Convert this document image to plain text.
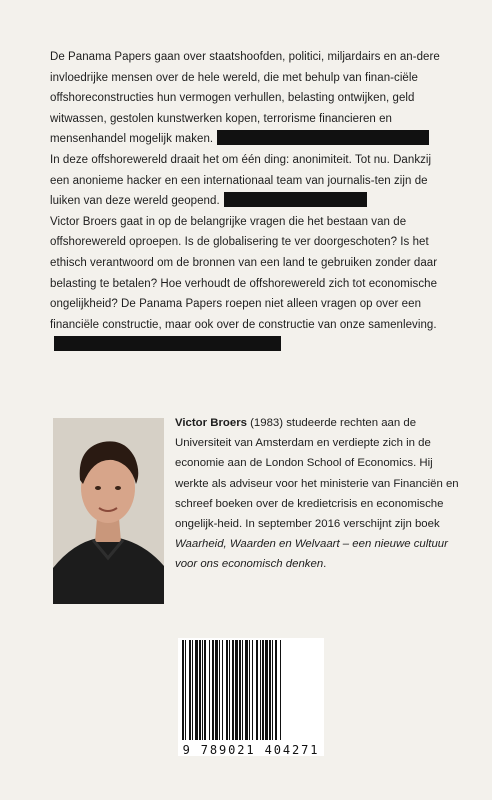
De Panama Papers gaan over staatshoofden, politici, miljardairs en an-dere invloedrijke mensen over de hele wereld, die met behulp van finan-ciële offshoreconstructies hun vermogen verhullen, belasting ontwijken, geld witwassen, gestolen kunstwerken kopen, terrorisme financieren en mensenhandel mogelijk maken.

In deze offshorewereld draait het om één ding: anonimiteit. Tot nu. Dankzij een anonieme hacker en een internationaal team van journalis-ten zijn de luiken van deze wereld geopend.

Victor Broers gaat in op de belangrijke vragen die het bestaan van de offshorewereld oproepen. Is de globalisering te ver doorgeschoten? Is het ethisch verantwoord om de bronnen van een land te gebruiken zonder daar belasting te betalen? Hoe verhoudt de offshorewereld zich tot economische ongelijkheid? De Panama Papers roepen niet alleen vragen op over een financiële constructie, maar ook over de constructie van onze samenleving.

Victor Broers (1983) studeerde rechten aan de Universiteit van Amsterdam en verdiepte zich in de economie aan de London School of Economics. Hij werkte als adviseur voor het ministerie van Financiën en schreef boeken over de kredietcrisis en economische ongelijk-heid. In september 2016 verschijnt zijn boek Waarheid, Waarden en Welvaart – een nieuwe cultuur voor ons economisch denken.
9 789021 404271
